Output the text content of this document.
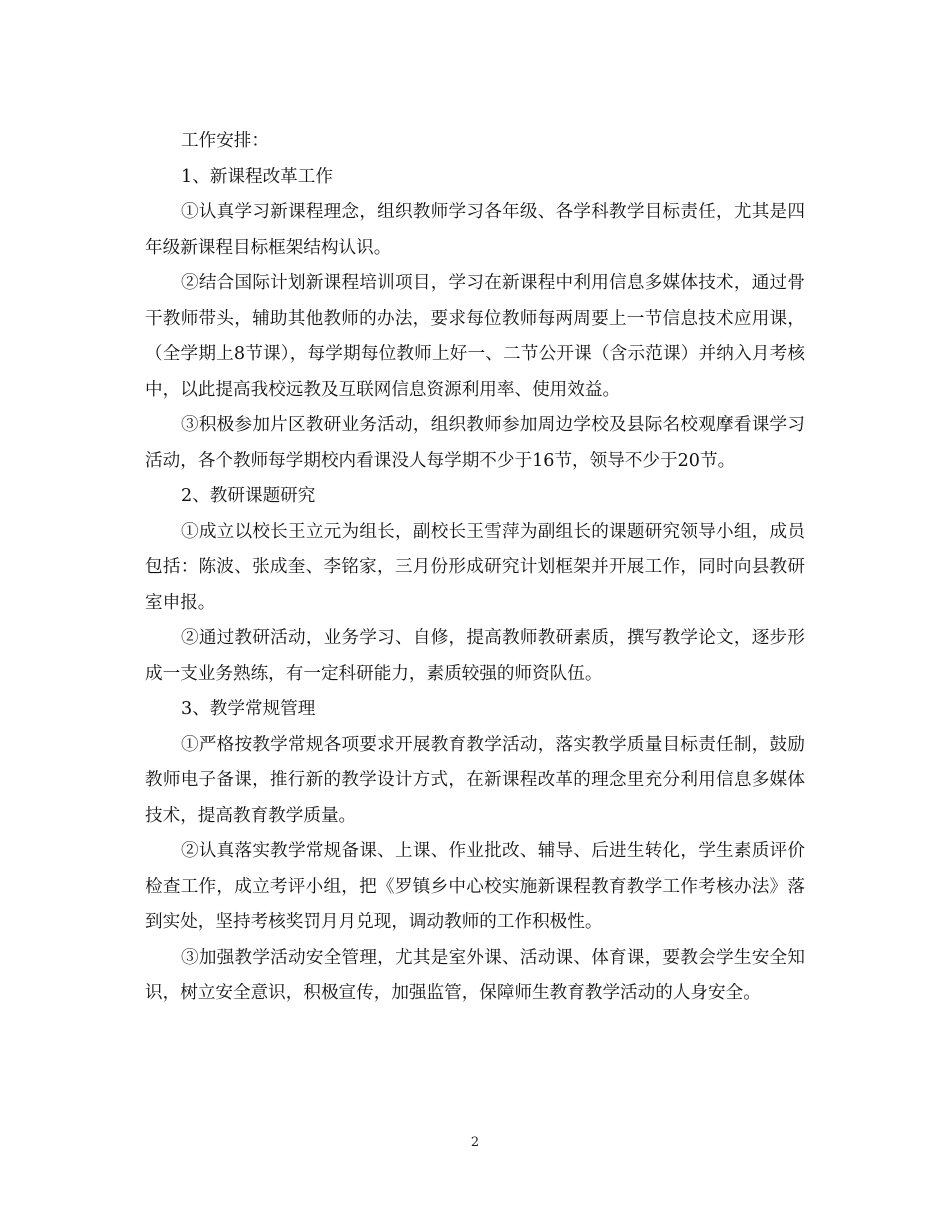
工作安排：

1、新课程改革工作

①认真学习新课程理念，组织教师学习各年级、各学科教学目标责任，尤其是四年级新课程目标框架结构认识。

②结合国际计划新课程培训项目，学习在新课程中利用信息多媒体技术，通过骨干教师带头，辅助其他教师的办法，要求每位教师每两周要上一节信息技术应用课，（全学期上8节课），每学期每位教师上好一、二节公开课（含示范课）并纳入月考核中，以此提高我校远教及互联网信息资源利用率、使用效益。

③积极参加片区教研业务活动，组织教师参加周边学校及县际名校观摩看课学习活动，各个教师每学期校内看课没人每学期不少于16节，领导不少于20节。

2、教研课题研究

①成立以校长王立元为组长，副校长王雪萍为副组长的课题研究领导小组，成员包括：陈波、张成奎、李铭家，三月份形成研究计划框架并开展工作，同时向县教研室申报。

②通过教研活动，业务学习、自修，提高教师教研素质，撰写教学论文，逐步形成一支业务熟练，有一定科研能力，素质较强的师资队伍。

3、教学常规管理

①严格按教学常规各项要求开展教育教学活动，落实教学质量目标责任制，鼓励教师电子备课，推行新的教学设计方式，在新课程改革的理念里充分利用信息多媒体技术，提高教育教学质量。

②认真落实教学常规备课、上课、作业批改、辅导、后进生转化，学生素质评价检查工作，成立考评小组，把《罗镇乡中心校实施新课程教育教学工作考核办法》落到实处，坚持考核奖罚月月兑现，调动教师的工作积极性。

③加强教学活动安全管理，尤其是室外课、活动课、体育课，要教会学生安全知识，树立安全意识，积极宣传，加强监管，保障师生教育教学活动的人身安全。

2
